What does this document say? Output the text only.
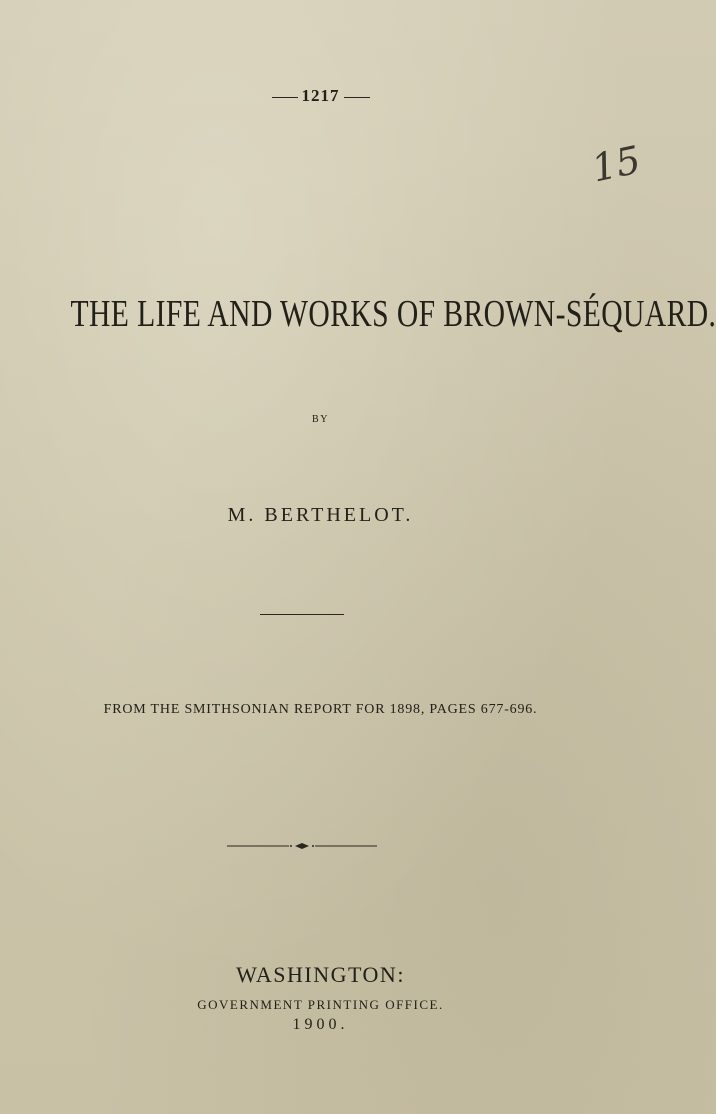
1217
15
THE LIFE AND WORKS OF BROWN-SÉQUARD.
BY
M. BERTHELOT.
FROM THE SMITHSONIAN REPORT FOR 1898, PAGES 677-696.
WASHINGTON:
GOVERNMENT PRINTING OFFICE.
1900.
